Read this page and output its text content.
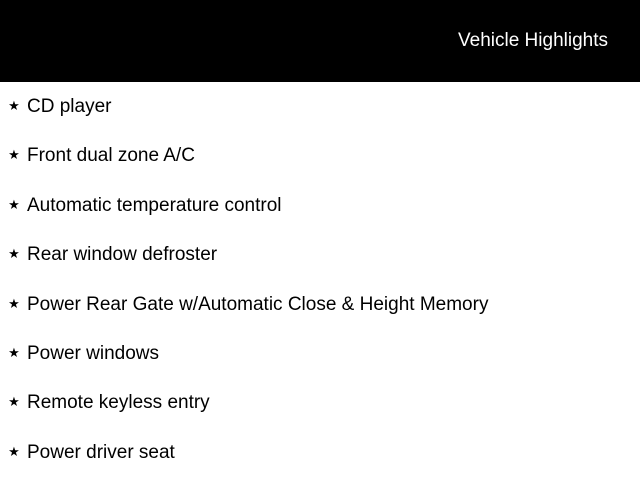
Vehicle Highlights
★ CD player
★ Front dual zone A/C
★ Automatic temperature control
★ Rear window defroster
★ Power Rear Gate w/Automatic Close & Height Memory
★ Power windows
★ Remote keyless entry
★ Power driver seat
